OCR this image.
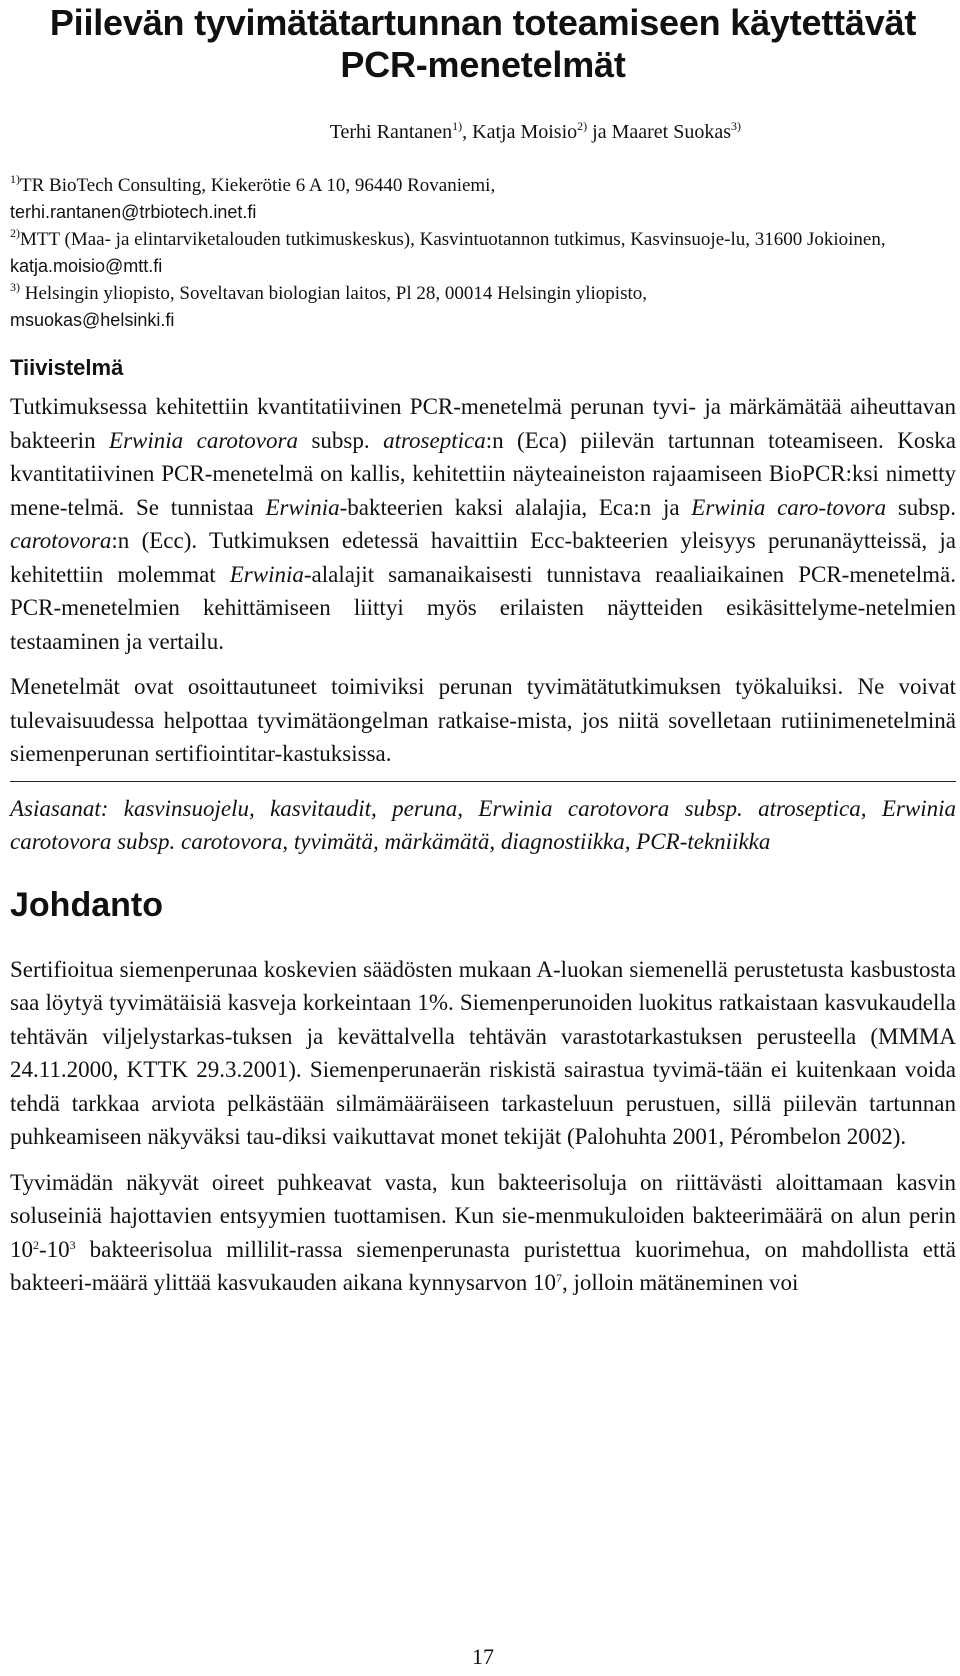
Piilevän tyvimätätartunnan toteamiseen käytettävät PCR-menetelmät
Terhi Rantanen$^{1)}$, Katja Moisio$^{2)}$ ja Maaret Suokas$^{3)}$

$^{1)}$TR BioTech Consulting, Kiekerötie 6 A 10, 96440 Rovaniemi,
terhi.rantanen@trbiotech.inet.fi

$^{2)}$MTT (Maa- ja elintarviketalouden tutkimuskeskus), Kasvintuotannon tutkimus, Kasvinsuoje-lu, 31600 Jokioinen, katja.moisio@mtt.fi

$^{3)}$ Helsingin yliopisto, Soveltavan biologian laitos, Pl 28, 00014 Helsingin yliopisto,
msuokas@helsinki.fi

Tiivistelmä

Tutkimuksessa kehitettiin kvantitatiivinen PCR-menetelmä perunan tyvi- ja märkämätää aiheuttavan bakteerin Erwinia carotovora subsp. atroseptica:n (Eca) piilevän tartunnan toteamiseen. Koska kvantitatiivinen PCR-menetelmä on kallis, kehitettiin näyteaineiston rajaamiseen BioPCR:ksi nimetty mene-telmä. Se tunnistaa Erwinia-bakteerien kaksi alalajia, Eca:n ja Erwinia caro-tovora subsp. carotovora:n (Ecc). Tutkimuksen edetessä havaittiin Ecc-bakteerien yleisyys perunanäytteissä, ja kehitettiin molemmat Erwinia-alalajit samanaikaisesti tunnistava reaaliaikainen PCR-menetelmä. PCR-menetelmien kehittämiseen liittyi myös erilaisten näytteiden esikäsittelyme-netelmien testaaminen ja vertailu.

Menetelmät ovat osoittautuneet toimiviksi perunan tyvimätätutkimuksen työkaluiksi. Ne voivat tulevaisuudessa helpottaa tyvimätäongelman ratkaise-mista, jos niitä sovelletaan rutiinimenetelminä siemenperunan sertifiointitar-kastuksissa.

Asiasanat: kasvinsuojelu, kasvitaudit, peruna, Erwinia carotovora subsp. atroseptica, Erwinia carotovora subsp. carotovora, tyvimätä, märkämätä, diagnostiikka, PCR-tekniikka

Johdanto

Sertifioitua siemenperunaa koskevien säädösten mukaan A-luokan siemenellä perustetusta kasbustosta saa löytyä tyvimätäisiä kasveja korkeintaan 1%. Siemenperunoiden luokitus ratkaistaan kasvukaudella tehtävän viljelystarkas-tuksen ja kevättalvella tehtävän varastotarkastuksen perusteella (MMMA 24.11.2000, KTTK 29.3.2001). Siemenperunaerän riskistä sairastua tyvimä-tään ei kuitenkaan voida tehdä tarkkaa arviota pelkästään silmämääräiseen tarkasteluun perustuen, sillä piilevän tartunnan puhkeamiseen näkyväksi tau-diksi vaikuttavat monet tekijät (Palohuhta 2001, Pérombelon 2002).

Tyvimädän näkyvät oireet puhkeavat vasta, kun bakteerisoluja on riittävästi aloittamaan kasvin soluseiniä hajottavien entsyymien tuottamisen. Kun sie-menmukuloiden bakteerimäärä on alun perin $10^2-10^3$ bakteerisolua millilit-rassa siemenperunasta puristettua kuorimehua, on mahdollista että bakteeri-määrä ylittää kasvukauden aikana kynnysarvon $10^7$, jolloin mätäneminen voi

17
